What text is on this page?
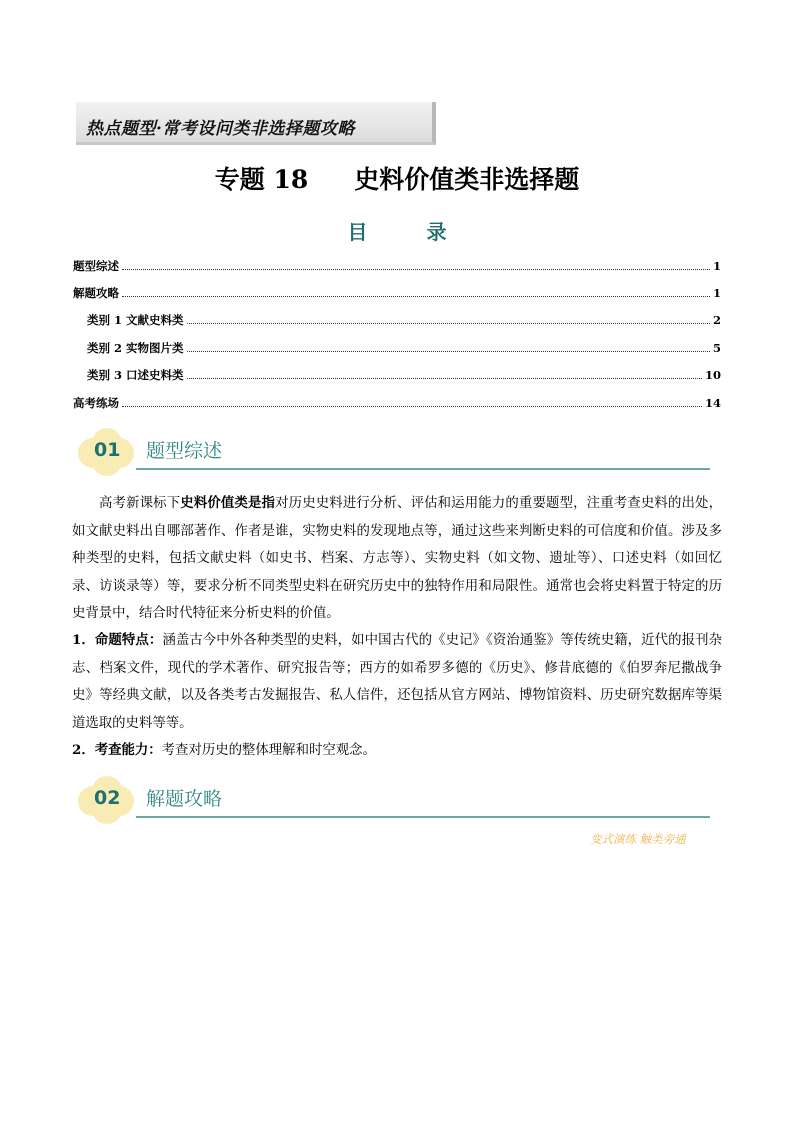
热点题型·常考设问类非选择题攻略
专题 18 史料价值类非选择题
目 录
题型综述	1
解题攻略	1
类别 1 文献史料类	2
类别 2 实物图片类	5
类别 3 口述史料类	10
高考练场	14
01 题型综述
高考新课标下史料价值类是指对历史史料进行分析、评估和运用能力的重要题型，注重考查史料的出处，如文献史料出自哪部著作、作者是谁，实物史料的发现地点等，通过这些来判断史料的可信度和价值。涉及多种类型的史料，包括文献史料（如史书、档案、方志等）、实物史料（如文物、遗址等）、口述史料（如回忆录、访谈录等）等，要求分析不同类型史料在研究历史中的独特作用和局限性。通常也会将史料置于特定的历史背景中，结合时代特征来分析史料的价值。
1．命题特点：涵盖古今中外各种类型的史料，如中国古代的《史记》《资治通鉴》等传统史籍，近代的报刊杂志、档案文件，现代的学术著作、研究报告等；西方的如希罗多德的《历史》、修昔底德的《伯罗奔尼撒战争史》等经典文献，以及各类考古发掘报告、私人信件，还包括从官方网站、博物馆资料、历史研究数据库等渠道选取的史料等等。
2．考查能力：考查对历史的整体理解和时空观念。
02 解题攻略
变式演练 触类旁通
